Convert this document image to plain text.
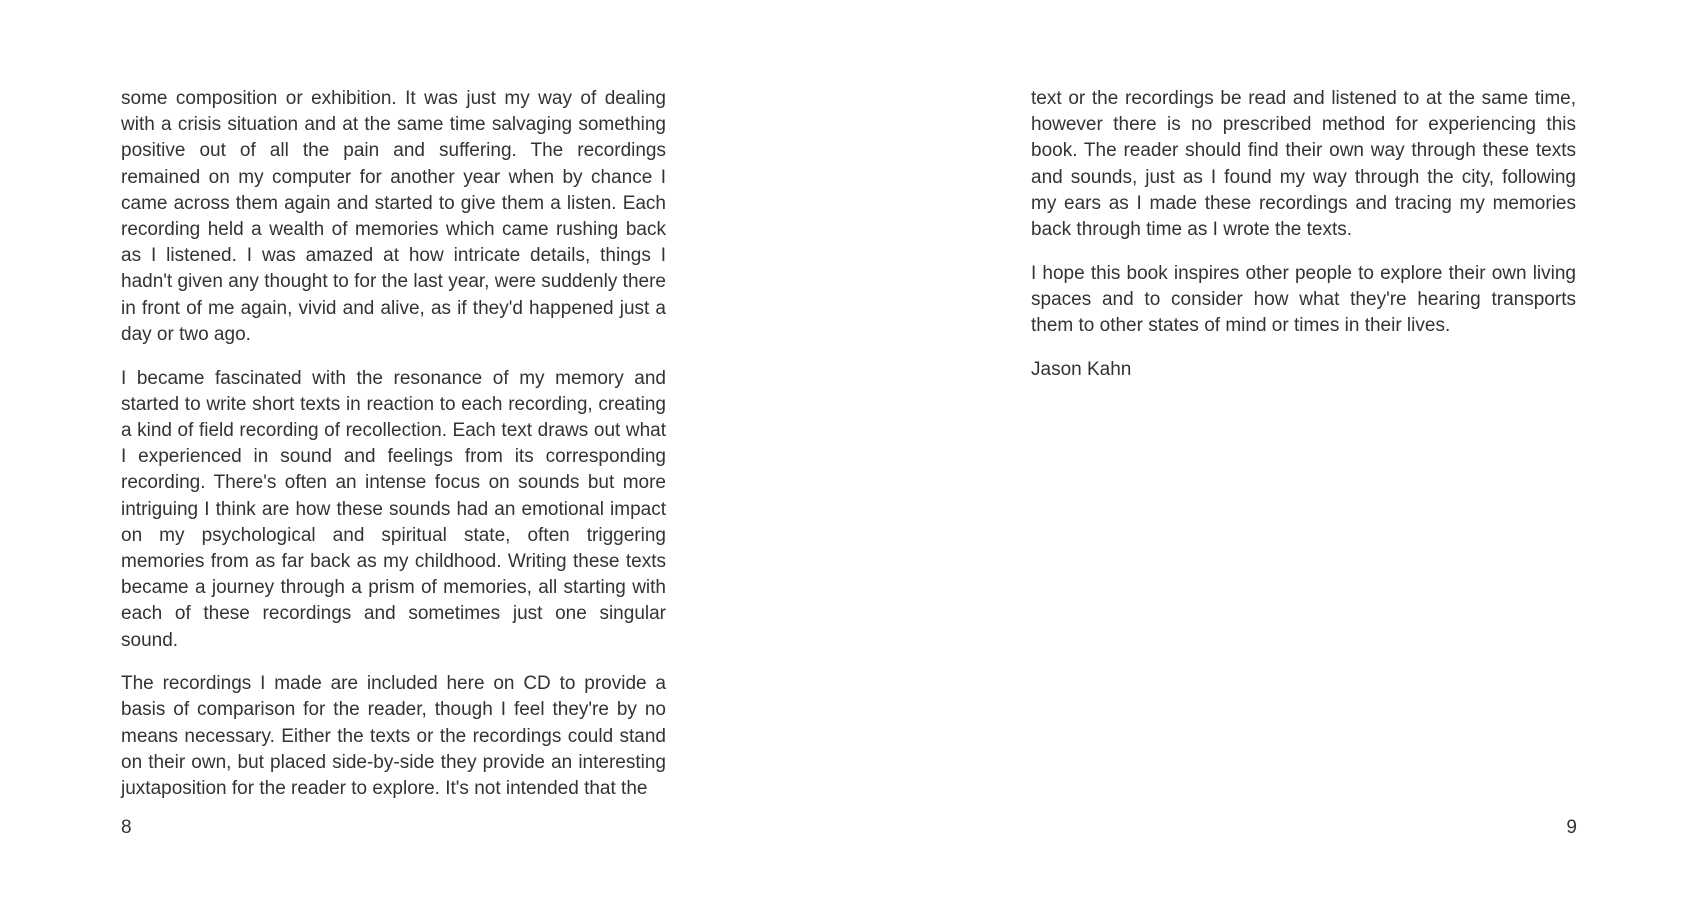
some composition or exhibition. It was just my way of dealing with a crisis situation and at the same time salvaging something positive out of all the pain and suffering. The recordings remained on my computer for another year when by chance I came across them again and started to give them a listen. Each recording held a wealth of memories which came rushing back as I listened. I was amazed at how intricate details, things I hadn't given any thought to for the last year, were suddenly there in front of me again, vivid and alive, as if they'd happened just a day or two ago.

I became fascinated with the resonance of my memory and started to write short texts in reaction to each recording, creating a kind of field recording of recollection. Each text draws out what I experienced in sound and feelings from its corresponding recording. There's often an intense focus on sounds but more intriguing I think are how these sounds had an emotional impact on my psychological and spiritual state, often triggering memories from as far back as my childhood. Writing these texts became a journey through a prism of memories, all starting with each of these recordings and sometimes just one singular sound.

The recordings I made are included here on CD to provide a basis of comparison for the reader, though I feel they're by no means necessary. Either the texts or the recordings could stand on their own, but placed side-by-side they provide an interesting juxtaposition for the reader to explore. It's not intended that the

8

text or the recordings be read and listened to at the same time, however there is no prescribed method for experiencing this book. The reader should find their own way through these texts and sounds, just as I found my way through the city, following my ears as I made these recordings and tracing my memories back through time as I wrote the texts.

I hope this book inspires other people to explore their own living spaces and to consider how what they're hearing transports them to other states of mind or times in their lives.

Jason Kahn

9
